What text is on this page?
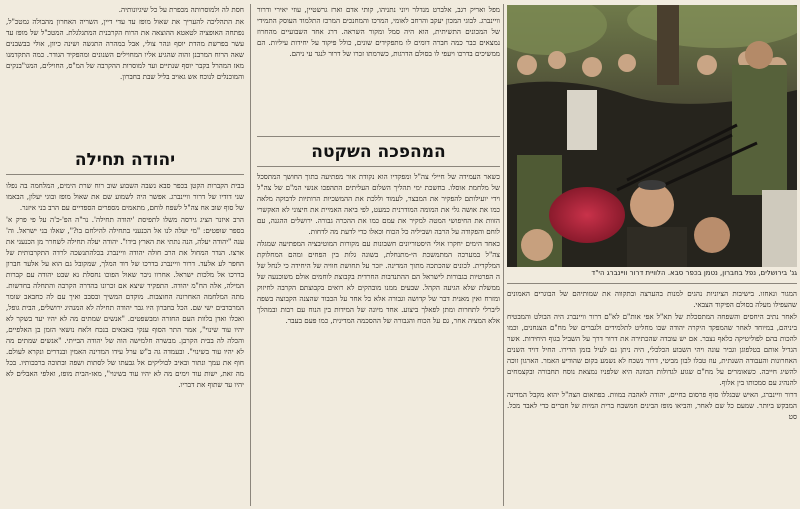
חסת לה ולמוסרותה מכפרת על כל שיגיונותיה.

את התהליכה להעריך את שאול מופז עד עדי דיין, השריה האחרון מהבולה גמטכ"ל, נפתחה האופציה לטאטא ההוצאה את הרוח הקרבנית המתגלגלת. המטכ"ל של מופז עד עשר בפרשת מהדת יוסף ונהר צולי, אבל במהרה התגשה ושינה כיוון, אולי בבשבנים שאה הרוח המרבנן זהוה שהגיע אליו המחוילים השנונים ומהפקיד הגודר. כמה התקדמנו מאז המהרל בקבר יוסף שנתיים ועד למוסרות ההקרבה של המ"ס, החוילים, המגו"בנקים והמוכנלים לנוכח אש גאויב בליל שבת בחברון.

יהודה תחילה

בבית הקברות הקטן בכפר סבא נשבה השבוע שוב רוח שרת הימים, המלחמה בה נפלו שני דודיו של דרור וויינברג. אפשר היה לשמוע שם את שאול מופז ובוגי יעלון, הבאמו של סוף שוב אח צה"ל לשפח לוחם, מתאמים מספרים הספדיים עם הרב בני איזנר.

הרב איזנר הציג גירסה משלו לתפיסת 'יהודה תחילה'. נר"ה הפ'-כ'ה על פי פרק א' בספר שופטים: "מי יעלה לנו אל הכנעני בתחילה להילחם בו?", שאלו בני ישראל. וה' ענה "יהודה יעלה, הנה נתתי את הארץ בידו". יהודה יעלה תחילה לשחרר מן הכנעני את ארצו. הנדר המחול את הרב חולה יהודה וויינברג בכלהתנשכה לרדה התקרבותית של החפר לע אלעד. דרור וויינברג בדרכו של דוד המלך, שמקובל גם הוא על אלעד חברון בדרכו אל מלכות ישראל. אחרוו ניבר שאול הפוכו נחסלת נא שבט יהודה עם קברות המילה, אלה הח"מ יהודה. התפקיד שיצא אם זכרונו בהדרה הקרבה והתחלה בחדשות. מתה המלחמה האחרונה החוצבות. מוקדם המשיך ובסבב ואיך עם לה כחבאב שומר המרבדבים ישי שם. הכל בחברון היו גבר יהודה תחילה לא המנהיג ירושלים, הבית גופל, ואכלו ואדן בלוות העם החזרה ומבשפטים. "אנשים שמתים מה לא יהיו יעד בשקר לא יהיו עוד שינוי", אמר התר הסוף ענקי באבאים בנכח ולאח נושאי הזמן בן האלפיים, והכלה לה בבית הקרבן. מבשרה חלמישה הוה של יהודה הבייתי. "אנשים שמתים מה לא יהיו עוד בשינוי". ובעמדה גה ב"ש ערל עידו המדינה האמין ובנדרים ונקרא לעולם. חוף את עמך ונתור ובאיב לבוליקים אל גבעתו של לסתות ושפה ובתוכה ברבכותיו. בכל מה זאת, ישות עוד וימים מה לא יהיו עוד בשינוי", מאז-הבית מופז, ואלפי האבלים לא יהיו עד שתוף את דבריו.

מפל ואריק רגב, אלברט מנדלר ויוני נתניהו, קותי אדם וארז גרשטיין, עוזי יאירי ודרור וויינברג. לבוגי המכון יעקב והרחב לאומי, המרכז והמחנכים המרכז התלמוד העוסק התמידי של המכונים התשיתית, הוא היה סמל ומקור השראה. דרג אחד השבועיים מהחרוז נמצאים כבר כמה חברה דומים לו מתפקידים שונים, כולל פיקוד על יחידות עיליות. הם ממשיכים בדרכו ויעפי לו בסולם הדרגות, כשרמתו זכרו של דרור לנגד עי ניהם.

המהפכה השקטה

כשאר העמידה של חיילי צה"ל ומפקדיו הוא נקודת אור מפתיעה בתוך החושך המתסכל של מלחמת אוסלו. בחשכת ימי תהליך השלום העליתים התהפכו אנשי המ"ם של צה"ל וידי יועילותם להפקיר את המבצר, לעמוד וללכת את ההמשכיות הרותיות לדבוקה מלאה כמו את אושה גלי את המומה המודרנית כמעט, לפי ביאה האמיית את חיצוני לא האקשרי הזוות את החיפושי המטה למקיר את עמם כמו את ההכרה גבורה. ירושלים ההגנה, עם לוחם והפקודה על הרבה ושביליה כל הכוח וכאלו כדי לדעת מה לדחות.

כאחד הימים יחקרו אולי היסטוריונים חשבונות עם מקורות המוטיבציה המפתיעה שמגלה צה"ל במערכה המתמשכת הי-מתנחלת, בשונה גלות בין הפחים ומהם המחלוקת המלקדית. לכונים שהכתכה מתוך המדינה. יזכר על תחושת חוויה של היחידה כי לנחל של ה הפרטיות בגבורות לישראל הם ההתנדבות החרדית בקבוצת לוחמים אולם משוכנעה של ממשלת שלא הגיעה הקהל. שבעים ממנו מובהקים לא רואים בקבוצתם הקרבה לחיזוק ומזרח ואין מאנית דבר של קדושה וגבורה אלא כל אחד על הכבוד שהצנה הקבוצה בשפה ליברלי לתחרות ומתן לפאלך ביצוע. אחד מיונה של המידות בין הנוח עם רבות ובמהלך אלא המציה אחר, גם על הכוח והגבורה של ההסכמה המדינית, כמו פעם בעבר.

גנ' בירושלים, נפל בחברון, נטמן בכפר סבא. הלוויית דרור וויינברג הי"ד

המגור ונאחזו. בישיבות הציוניות נהגים למנות בהערצה ובתקווה את שמותיהם של הבוגרים האמונים שהעפילו מעלה בסולם הפיקוד הצבאי.

לאחר נתיב היחסים והשפחה המתסכלת של תא"ל אפי אות"ם לא"ם דרור וויינברג היה הבולט והמבטיח ביניהם, במיוחד לאחר שהמפקד היקרה יהודה שבו מחליט לתלמידים ולגברים של מח"ם הצנחנים, וכמו להכות בהם לפוליטיקה כלאף נצבר. אם יש עובדה שהכתירה את דרור דרך על השביל בגוף היחידות. אשר הגדיל אותם בטלפוגן וגביר עונה ויהי השבוע הכלכלי, היה ניתן גם לעיל בזמן הדירו. החיל דויד השנים האחרונות והעבודה השנתית, עוז טבלו לבון מביטי, דרור נשכח לא נשמע בקום שהודיע האמר. הארגון זוכה להשיג חייבה. כשאומרים על מח"ם שגוע לגדולות הכוונה היא שלפניו נמצאת נוסח תחבורה ובקצמחים להנהיג עם סמכותו בין אלוף.

דרור וויינברג, האיש שבגללו סוף פרסום בחיים, יהודה לאהבה במוות. בפתאום הצה"ל יהוא מקבל המדינה המבקש ביותר. שמעם כל שם לאחר, והביאו מופז הבינים חמשבח ברית המיות של חברים כדי לאבד מכל. סט
